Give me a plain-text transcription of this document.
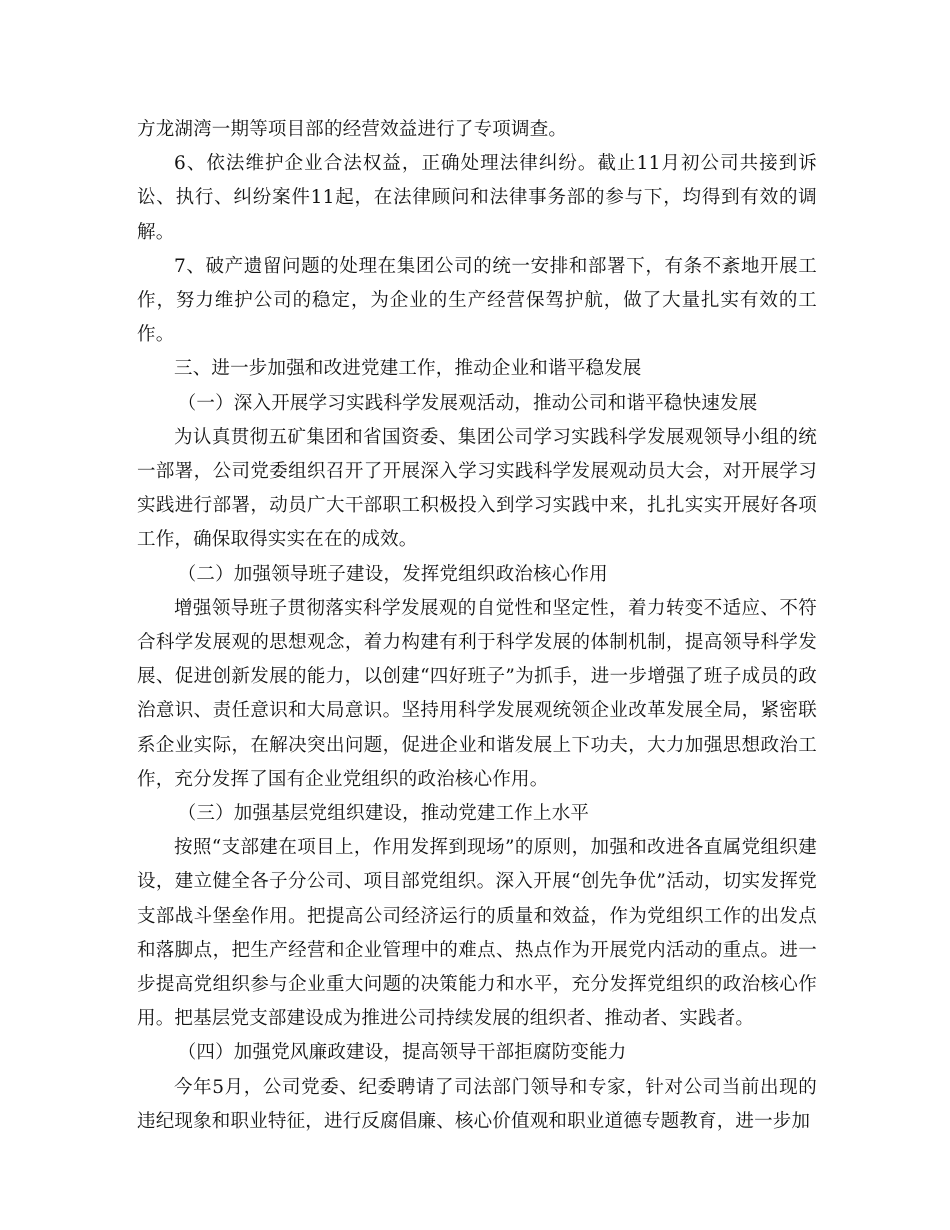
方龙湖湾一期等项目部的经营效益进行了专项调查。

6、依法维护企业合法权益，正确处理法律纠纷。截止11月初公司共接到诉讼、执行、纠纷案件11起，在法律顾问和法律事务部的参与下，均得到有效的调解。

7、破产遗留问题的处理在集团公司的统一安排和部署下，有条不紊地开展工作，努力维护公司的稳定，为企业的生产经营保驾护航，做了大量扎实有效的工作。

三、进一步加强和改进党建工作，推动企业和谐平稳发展

（一）深入开展学习实践科学发展观活动，推动公司和谐平稳快速发展

为认真贯彻五矿集团和省国资委、集团公司学习实践科学发展观领导小组的统一部署，公司党委组织召开了开展深入学习实践科学发展观动员大会，对开展学习实践进行部署，动员广大干部职工积极投入到学习实践中来，扎扎实实开展好各项工作，确保取得实实在在的成效。

（二）加强领导班子建设，发挥党组织政治核心作用

增强领导班子贯彻落实科学发展观的自觉性和坚定性，着力转变不适应、不符合科学发展观的思想观念，着力构建有利于科学发展的体制机制，提高领导科学发展、促进创新发展的能力，以创建“四好班子”为抓手，进一步增强了班子成员的政治意识、责任意识和大局意识。坚持用科学发展观统领企业改革发展全局，紧密联系企业实际，在解决突出问题，促进企业和谐发展上下功夫，大力加强思想政治工作，充分发挥了国有企业党组织的政治核心作用。

（三）加强基层党组织建设，推动党建工作上水平

按照“支部建在项目上，作用发挥到现场”的原则，加强和改进各直属党组织建设，建立健全各子分公司、项目部党组织。深入开展“创先争优”活动，切实发挥党支部战斗堡垒作用。把提高公司经济运行的质量和效益，作为党组织工作的出发点和落脚点，把生产经营和企业管理中的难点、热点作为开展党内活动的重点。进一步提高党组织参与企业重大问题的决策能力和水平，充分发挥党组织的政治核心作用。把基层党支部建设成为推进公司持续发展的组织者、推动者、实践者。

（四）加强党风廉政建设，提高领导干部拒腐防变能力

今年5月，公司党委、纪委聘请了司法部门领导和专家，针对公司当前出现的违纪现象和职业特征，进行反腐倡廉、核心价值观和职业道德专题教育，进一步加
